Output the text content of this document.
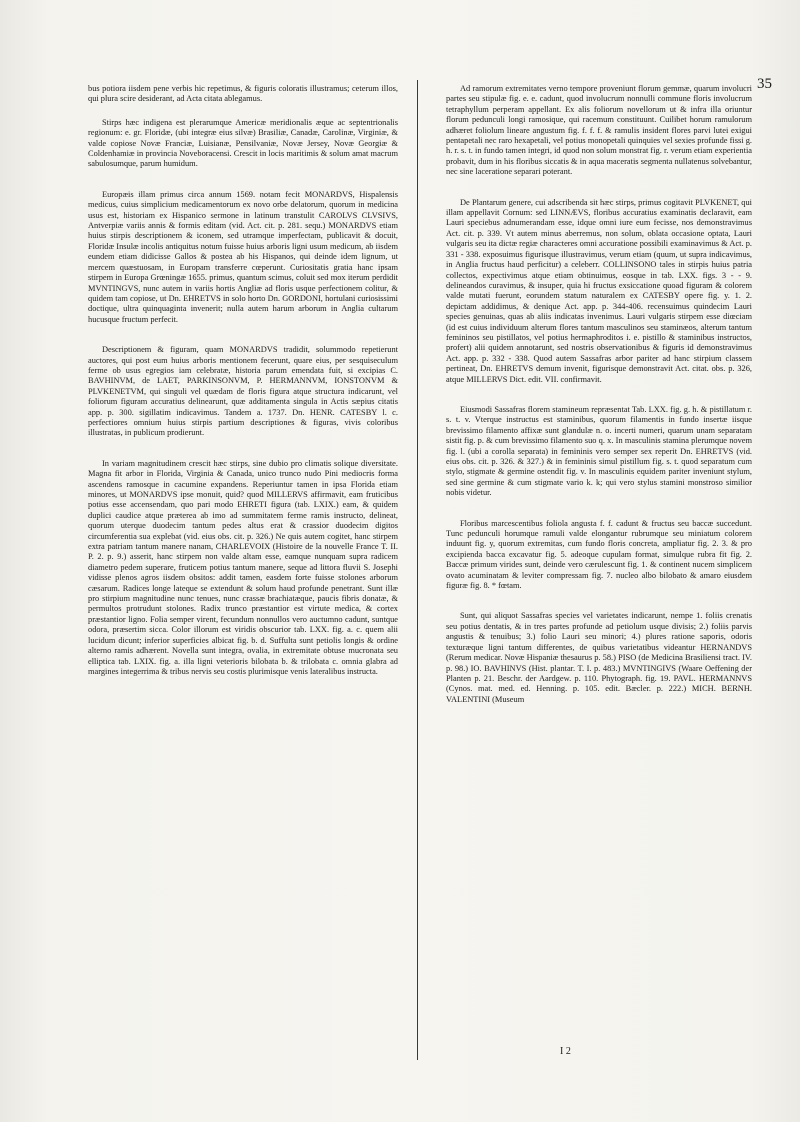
35

bus potiora iisdem pene verbis hic repetimus, & figuris coloratis illustramus; ceterum illos, qui plura scire desiderant, ad Acta citata ablegamus.

Stirps hæc indigena est plerarumque Americæ meridionalis æque ac septentrionalis regionum: e. gr. Floridæ, (ubi integræ eius silvæ) Brasiliæ, Canadæ, Carolinæ, Virginiæ, & valde copiose Novæ Franciæ, Luisianæ, Pensilvaniæ, Novæ Jersey, Novæ Georgiæ & Coldenhamiæ in provincia Noveboracensi. Crescit in locis maritimis & solum amat macrum sabulosumque, parum humidum.

Europæis illam primus circa annum 1569. notam fecit MONARDVS, Hispalensis medicus, cuius simplicium medicamentorum ex novo orbe delatorum, quorum in medicina usus est, historiam ex Hispanico sermone in latinum transtulit CAROLVS CLVSIVS, Antverpiæ variis annis & formis editam (vid. Act. cit. p. 281. sequ.) MONARDVS etiam huius stirpis descriptionem & iconem, sed utramque imperfectam, publicavit & docuit, Floridæ Insulæ incolis antiquitus notum fuisse huius arboris ligni usum medicum, ab iisdem eundem etiam didicisse Gallos & postea ab his Hispanos, qui deinde idem lignum, ut mercem quæstuosam, in Europam transferre cœperunt. Curiositatis gratia hanc ipsam stirpem in Europa Grœningæ 1655. primus, quantum scimus, coluit sed mox iterum perdidit MVNTINGVS, nunc autem in variis hortis Angliæ ad floris usque perfectionem colitur, & quidem tam copiose, ut Dn. EHRETVS in solo horto Dn. GORDONI, hortulani curiosissimi doctique, ultra quinquaginta invenerit; nulla autem harum arborum in Anglia cultarum hucusque fructum perfecit.

Descriptionem & figuram, quam MONARDVS tradidit, solummodo repetierunt auctores, qui post eum huius arboris mentionem fecerunt, quare eius, per sesquiseculum ferme ob usus egregios iam celebratæ, historia parum emendata fuit, si excipias C. BAVHINVM, de LAET, PARKINSONVM, P. HERMANNVM, IONSTONVM & PLVKENETVM, qui singuli vel quædam de floris figura atque structura indicarunt, vel foliorum figuram accuratius delinearunt, quæ additamenta singula in Actis sæpius citatis app. p. 300. sigillatim indicavimus. Tandem a. 1737. Dn. HENR. CATESBY l. c. perfectiores omnium huius stirpis partium descriptiones & figuras, vivis coloribus illustratas, in publicum prodierunt.

In variam magnitudinem crescit hæc stirps, sine dubio pro climatis solique diversitate. Magna fit arbor in Florida, Virginia & Canada, unico trunco nudo Pini mediocris forma ascendens ramosque in cacumine expandens. Reperiuntur tamen in ipsa Florida etiam minores, ut MONARDVS ipse monuit, quid? quod MILLERVS affirmavit, eam fruticibus potius esse accensendam, quo pari modo EHRETI figura (tab. LXIX.) eam, & quidem duplici caudice atque præterea ab imo ad summitatem ferme ramis instructo, delineat, quorum uterque duodecim tantum pedes altus erat & crassior duodecim digitos circumferentia sua explebat (vid. eius obs. cit. p. 326.) Ne quis autem cogitet, hanc stirpem extra patriam tantum manere nanam, CHARLEVOIX (Histoire de la nouvelle France T. II. P. 2. p. 9.) asserit, hanc stirpem non valde altam esse, eamque nunquam supra radicem diametro pedem superare, fruticem potius tantum manere, seque ad littora fluvii S. Josephi vidisse plenos agros iisdem obsitos: addit tamen, easdem forte fuisse stolones arborum cæsarum. Radices longe lateque se extendunt & solum haud profunde penetrant. Sunt illæ pro stirpium magnitudine nunc tenues, nunc crassæ brachiatæque, paucis fibris donatæ, & permultos protrudunt stolones. Radix trunco præstantior est virtute medica, & cortex præstantior ligno. Folia semper virent, fecundum nonnullos vero auctumno cadunt, suntque odora, præsertim sicca. Color illorum est viridis obscurior tab. LXX. fig. a. c. quem alii lucidum dicunt; inferior superficies albicat fig. b. d. Suffulta sunt petiolis longis & ordine alterno ramis adhærent. Novella sunt integra, ovalia, in extremitate obtuse mucronata seu elliptica tab. LXIX. fig. a. illa ligni veterioris bilobata b. & trilobata c. omnia glabra ad margines integerrima & tribus nervis seu costis plurimisque venis lateralibus instructa.

Ad ramorum extremitates verno tempore proveniunt florum gemmæ, quarum involucri partes seu stipulæ fig. e. e. cadunt, quod involucrum nonnulli commune floris involucrum tetraphyllum perperam appellant. Ex alis foliorum novellorum ut & infra illa oriuntur florum pedunculi longi ramosique, qui racemum constituunt. Cuilibet horum ramulorum adhæret foliolum lineare angustum fig. f. f. f. & ramulis insident flores parvi lutei exigui pentapetali nec raro hexapetali, vel potius monopetali quinquies vel sexies profunde fissi g. h. r. s. t. in fundo tamen integri, id quod non solum monstrat fig. r. verum etiam experientia probavit, dum in his floribus siccatis & in aqua maceratis segmenta nullatenus solvebantur, nec sine laceratione separari poterant.

De Plantarum genere, cui adscribenda sit hæc stirps, primus cogitavit PLVKENET, qui illam appellavit Cornum: sed LINNÆVS, floribus accuratius examinatis declaravit, eam Lauri speciebus adnumerandam esse, idque omni iure eum fecisse, nos demonstravimus Act. cit. p. 339. Vt autem minus aberremus, non solum, oblata occasione optata, Lauri vulgaris seu ita dictæ regiæ characteres omni accuratione possibili examinavimus & Act. p. 331 - 338. exposuimus figurisque illustravimus, verum etiam (quum, ut supra indicavimus, in Anglia fructus haud perficitur) a celeberr. COLLINSONO tales in stirpis huius patria collectos, expectivimus atque etiam obtinuimus, eosque in tab. LXX. figs. 3 - - 9. delineandos curavimus, & insuper, quia hi fructus exsiccatione quoad figuram & colorem valde mutati fuerunt, eorundem statum naturalem ex CATESBY opere fig. y. 1. 2. depictam addidimus, & denique Act. app. p. 344-406. recensuimus quindecim Lauri species genuinas, quas ab aliis indicatas invenimus. Lauri vulgaris stirpem esse diœciam (id est cuius individuum alterum flores tantum masculinos seu staminæos, alterum tantum femininos seu pistillatos, vel potius hermaphroditos i. e. pistillo & staminibus instructos, profert) alii quidem annotarunt, sed nostris observationibus & figuris id demonstravimus Act. app. p. 332 - 338. Quod autem Sassafras arbor pariter ad hanc stirpium classem pertineat, Dn. EHRETVS demum invenit, figurisque demonstravit Act. citat. obs. p. 326, atque MILLERVS Dict. edit. VII. confirmavit.

Eiusmodi Sassafras florem stamineum repræsentat Tab. LXX. fig. g. h. & pistillatum r. s. t. v. Vterque instructus est staminibus, quorum filamentis in fundo insertæ iisque brevissimo filamento affixæ sunt glandulæ n. o. incerti numeri, quarum unam separatam sistit fig. p. & cum brevissimo filamento suo q. x. In masculinis stamina plerumque novem fig. l. (ubi a corolla separata) in femininis vero semper sex reperit Dn. EHRETVS (vid. eius obs. cit. p. 326. & 327.) & in femininis simul pistillum fig. s. t. quod separatum cum stylo, stigmate & germine ostendit fig. v. In masculinis equidem pariter inveniunt stylum, sed sine germine & cum stigmate vario k. k; qui vero stylus stamini monstroso similior nobis videtur.

Floribus marcescentibus foliola angusta f. f. cadunt & fructus seu baccæ succedunt. Tunc pedunculi horumque ramuli valde elongantur rubrumque seu miniatum colorem induunt fig. y, quorum extremitas, cum fundo floris concreta, ampliatur fig. 2. 3. & pro excipienda bacca excavatur fig. 5. adeoque cupulam format, simulque rubra fit fig. 2. Baccæ primum virides sunt, deinde vero cærulescunt fig. 1. & continent nucem simplicem ovato acuminatam & leviter compressam fig. 7. nucleo albo bilobato & amaro eiusdem figuræ fig. 8. * fœtam.

Sunt, qui aliquot Sassafras species vel varietates indicarunt, nempe 1. foliis crenatis seu potius dentatis, & in tres partes profunde ad petiolum usque divisis; 2.) foliis parvis angustis & tenuibus; 3.) folio Lauri seu minori; 4.) plures ratione saporis, odoris texturæque ligni tantum differentes, de quibus varietatibus videantur HERNANDVS (Rerum medicar. Novæ Hispaniæ thesaurus p. 58.) PISO (de Medicina Brasiliensi tract. IV. p. 98.) IO. BAVHINVS (Hist. plantar. T. I. p. 483.) MVNTINGIVS (Waare Oeffening der Planten p. 21. Beschr. der Aardgew. p. 110. Phytograph. fig. 19. PAVL. HERMANNVS (Cynos. mat. med. ed. Henning. p. 105. edit. Bæcler. p. 222.) MICH. BERNH. VALENTINI (Museum

I 2
